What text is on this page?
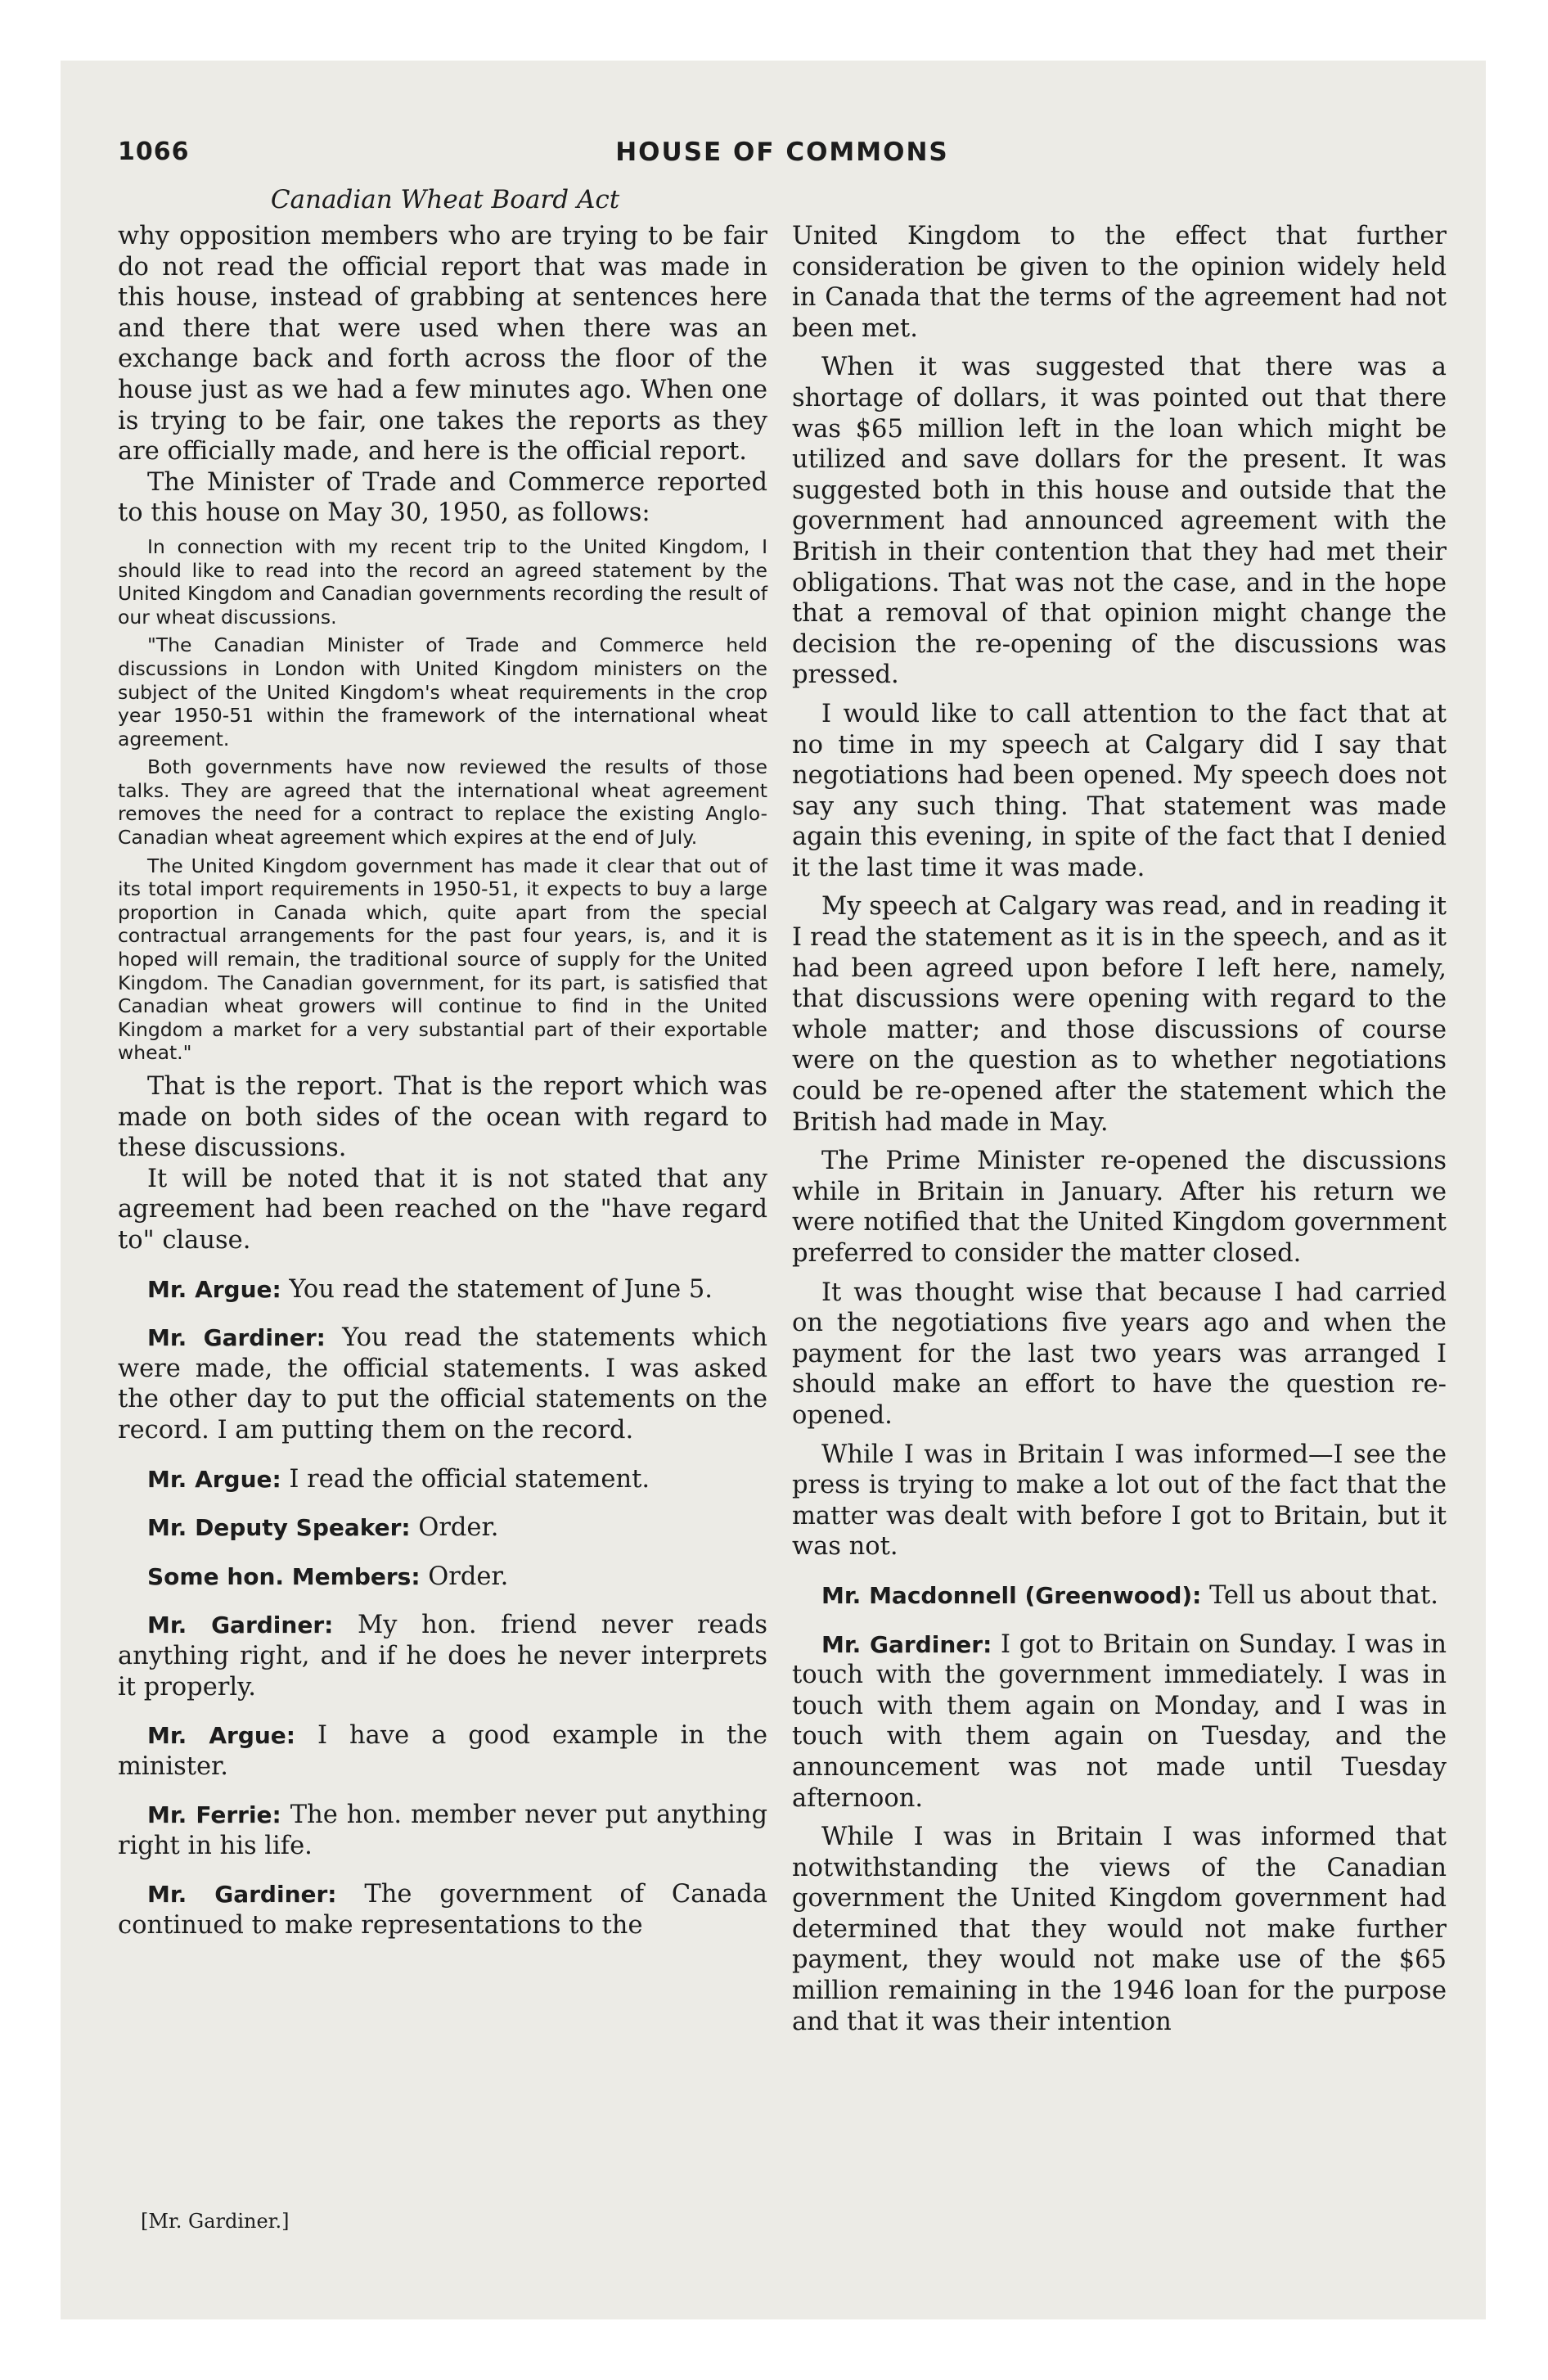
1066	HOUSE OF COMMONS
Canadian Wheat Board Act

why opposition members who are trying to be fair do not read the official report that was made in this house, instead of grabbing at sentences here and there that were used when there was an exchange back and forth across the floor of the house just as we had a few minutes ago. When one is trying to be fair, one takes the reports as they are officially made, and here is the official report.

The Minister of Trade and Commerce reported to this house on May 30, 1950, as follows:

In connection with my recent trip to the United Kingdom, I should like to read into the record an agreed statement by the United Kingdom and Canadian governments recording the result of our wheat discussions.

"The Canadian Minister of Trade and Commerce held discussions in London with United Kingdom ministers on the subject of the United Kingdom's wheat requirements in the crop year 1950-51 within the framework of the international wheat agreement.

Both governments have now reviewed the results of those talks. They are agreed that the international wheat agreement removes the need for a contract to replace the existing Anglo-Canadian wheat agreement which expires at the end of July.

The United Kingdom government has made it clear that out of its total import requirements in 1950-51, it expects to buy a large proportion in Canada which, quite apart from the special contractual arrangements for the past four years, is, and it is hoped will remain, the traditional source of supply for the United Kingdom. The Canadian government, for its part, is satisfied that Canadian wheat growers will continue to find in the United Kingdom a market for a very substantial part of their exportable wheat."

That is the report. That is the report which was made on both sides of the ocean with regard to these discussions.

It will be noted that it is not stated that any agreement had been reached on the "have regard to" clause.

Mr. Argue: You read the statement of June 5.

Mr. Gardiner: You read the statements which were made, the official statements. I was asked the other day to put the official statements on the record. I am putting them on the record.

Mr. Argue: I read the official statement.

Mr. Deputy Speaker: Order.

Some hon. Members: Order.

Mr. Gardiner: My hon. friend never reads anything right, and if he does he never interprets it properly.

Mr. Argue: I have a good example in the minister.

Mr. Ferrie: The hon. member never put anything right in his life.

Mr. Gardiner: The government of Canada continued to make representations to the

United Kingdom to the effect that further consideration be given to the opinion widely held in Canada that the terms of the agreement had not been met.

When it was suggested that there was a shortage of dollars, it was pointed out that there was $65 million left in the loan which might be utilized and save dollars for the present. It was suggested both in this house and outside that the government had announced agreement with the British in their contention that they had met their obligations. That was not the case, and in the hope that a removal of that opinion might change the decision the re-opening of the discussions was pressed.

I would like to call attention to the fact that at no time in my speech at Calgary did I say that negotiations had been opened. My speech does not say any such thing. That statement was made again this evening, in spite of the fact that I denied it the last time it was made.

My speech at Calgary was read, and in reading it I read the statement as it is in the speech, and as it had been agreed upon before I left here, namely, that discussions were opening with regard to the whole matter; and those discussions of course were on the question as to whether negotiations could be re-opened after the statement which the British had made in May.

The Prime Minister re-opened the discussions while in Britain in January. After his return we were notified that the United Kingdom government preferred to consider the matter closed.

It was thought wise that because I had carried on the negotiations five years ago and when the payment for the last two years was arranged I should make an effort to have the question re-opened.

While I was in Britain I was informed—I see the press is trying to make a lot out of the fact that the matter was dealt with before I got to Britain, but it was not.

Mr. Macdonnell (Greenwood): Tell us about that.

Mr. Gardiner: I got to Britain on Sunday. I was in touch with the government immediately. I was in touch with them again on Monday, and I was in touch with them again on Tuesday, and the announcement was not made until Tuesday afternoon.

While I was in Britain I was informed that notwithstanding the views of the Canadian government the United Kingdom government had determined that they would not make further payment, they would not make use of the $65 million remaining in the 1946 loan for the purpose and that it was their intention

[Mr. Gardiner.]
